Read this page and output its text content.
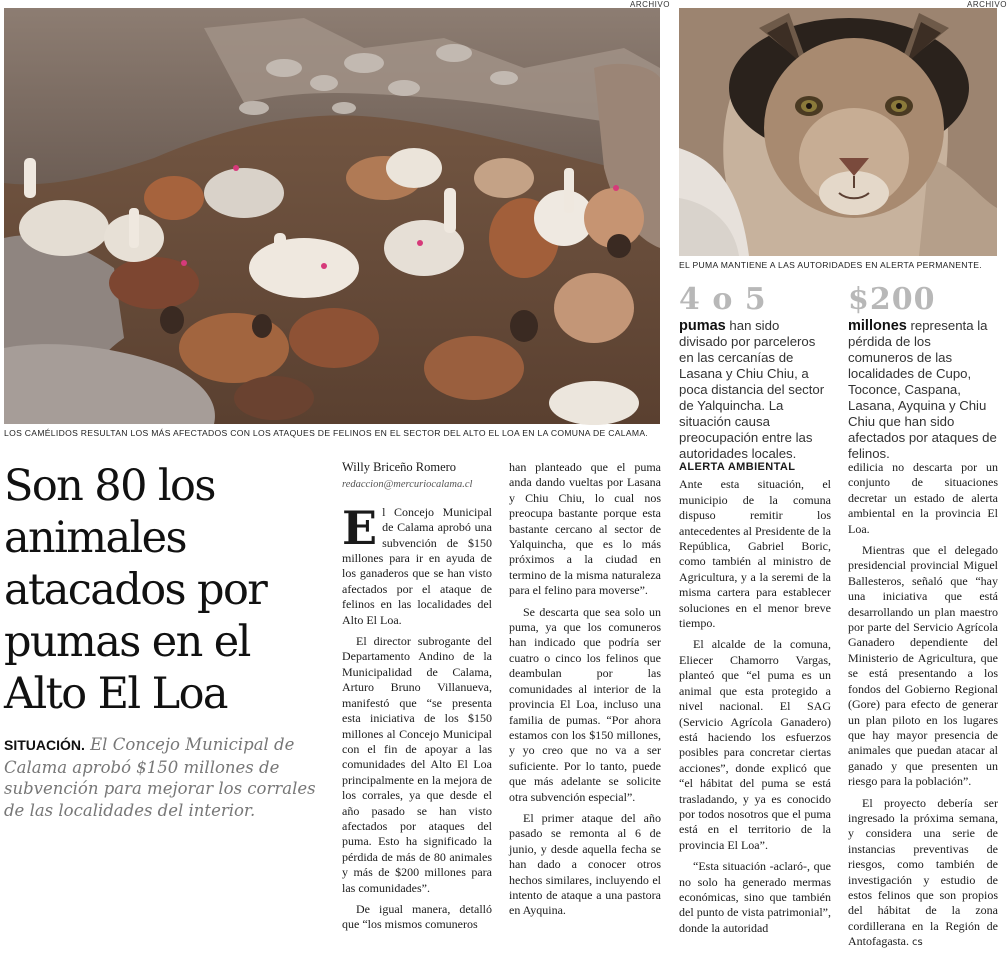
ARCHIVO
LOS CAMÉLIDOS RESULTAN LOS MÁS AFECTADOS CON LOS ATAQUES DE FELINOS EN EL SECTOR DEL ALTO EL LOA EN LA COMUNA DE CALAMA.
ARCHIVO
EL PUMA MANTIENE A LAS AUTORIDADES EN ALERTA PERMANENTE.
4 o 5
pumas han sido divisado por parceleros en las cercanías de Lasana y Chiu Chiu, a poca distancia del sector de Yalquincha. La situación causa preocupación entre las autoridades locales.
$200
millones representa la pérdida de los comuneros de las localidades de Cupo, Toconce, Caspana, Lasana, Ayquina y Chiu Chiu que han sido afectados por ataques de felinos.
Son 80 los animales atacados por pumas en el Alto El Loa
SITUACIÓN. El Concejo Municipal de Calama aprobó $150 millones de subvención para mejorar los corrales de las localidades del interior.
Willy Briceño Romero
redaccion@mercuriocalama.cl

El Concejo Municipal de Calama aprobó una subvención de $150 millones para ir en ayuda de los ganaderos que se han visto afectados por el ataque de felinos en las localidades del Alto El Loa.

El director subrogante del Departamento Andino de la Municipalidad de Calama, Arturo Bruno Villanueva, manifestó que “se presenta esta iniciativa de los $150 millones al Concejo Municipal con el fin de apoyar a las comunidades del Alto El Loa principalmente en la mejora de los corrales, ya que desde el año pasado se han visto afectados por ataques del puma. Esto ha significado la pérdida de más de 80 animales y más de $200 millones para las comunidades”.

De igual manera, detalló que “los mismos comuneros

han planteado que el puma anda dando vueltas por Lasana y Chiu Chiu, lo cual nos preocupa bastante porque esta bastante cercano al sector de Yalquincha, que es lo más próximos a la ciudad en termino de la misma naturaleza para el felino para moverse”.

Se descarta que sea solo un puma, ya que los comuneros han indicado que podría ser cuatro o cinco los felinos que deambulan por las comunidades al interior de la provincia El Loa, incluso una familia de pumas. “Por ahora estamos con los $150 millones, y yo creo que no va a ser suficiente. Por lo tanto, puede que más adelante se solicite otra subvención especial”.

El primer ataque del año pasado se remonta al 6 de junio, y desde aquella fecha se han dado a conocer otros hechos similares, incluyendo el intento de ataque a una pastora en Ayquina.

ALERTA AMBIENTAL

Ante esta situación, el municipio de la comuna dispuso remitir los antecedentes al Presidente de la República, Gabriel Boric, como también al ministro de Agricultura, y a la seremi de la misma cartera para establecer soluciones en el menor breve tiempo.

El alcalde de la comuna, Eliecer Chamorro Vargas, planteó que “el puma es un animal que esta protegido a nivel nacional. El SAG (Servicio Agrícola Ganadero) está haciendo los esfuerzos posibles para concretar ciertas acciones”, donde explicó que “el hábitat del puma se está trasladando, y ya es conocido por todos nosotros que el puma está en el territorio de la provincia El Loa”.

“Esta situación -aclaró-, que no solo ha generado mermas económicas, sino que también del punto de vista patrimonial”, donde la autoridad

edilicia no descarta por un conjunto de situaciones decretar un estado de alerta ambiental en la provincia El Loa.

Mientras que el delegado presidencial provincial Miguel Ballesteros, señaló que “hay una iniciativa que está desarrollando un plan maestro por parte del Servicio Agrícola Ganadero dependiente del Ministerio de Agricultura, que se está presentando a los fondos del Gobierno Regional (Gore) para efecto de generar un plan piloto en los lugares que hay mayor presencia de animales que puedan atacar al ganado y que presenten un riesgo para la población”.

El proyecto debería ser ingresado la próxima semana, y considera una serie de instancias preventivas de riesgos, como también de investigación y estudio de estos felinos que son propios del hábitat de la zona cordillerana en la Región de Antofagasta. cs
